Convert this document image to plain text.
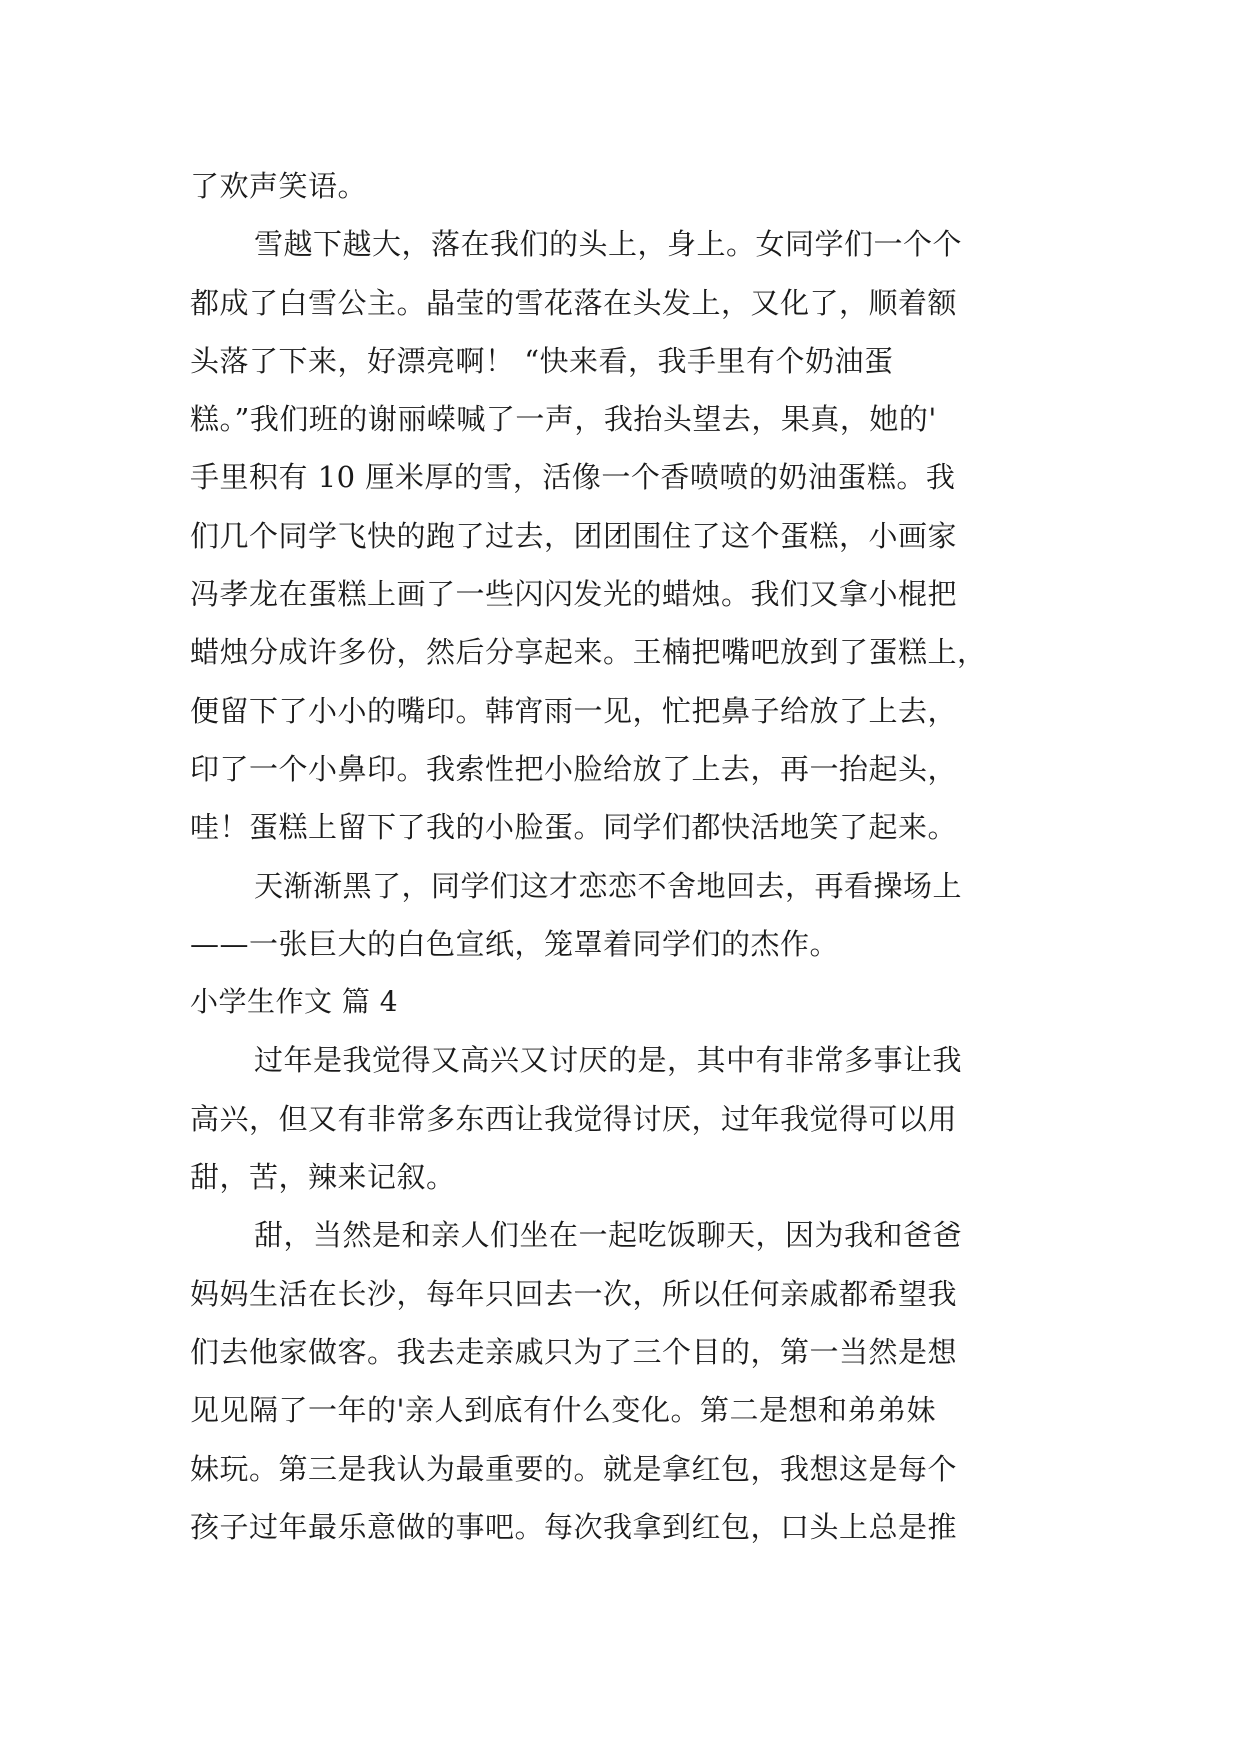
了欢声笑语。
雪越下越大，落在我们的头上，身上。女同学们一个个
都成了白雪公主。晶莹的雪花落在头发上，又化了，顺着额
头落了下来，好漂亮啊！ “快来看，我手里有个奶油蛋
糕。”我们班的谢丽嵘喊了一声，我抬头望去，果真，她的'
手里积有 10 厘米厚的雪，活像一个香喷喷的奶油蛋糕。我
们几个同学飞快的跑了过去，团团围住了这个蛋糕，小画家
冯孝龙在蛋糕上画了一些闪闪发光的蜡烛。我们又拿小棍把
蜡烛分成许多份，然后分享起来。王楠把嘴吧放到了蛋糕上，
便留下了小小的嘴印。韩宵雨一见，忙把鼻子给放了上去，
印了一个小鼻印。我索性把小脸给放了上去，再一抬起头，
哇！蛋糕上留下了我的小脸蛋。同学们都快活地笑了起来。
天渐渐黑了，同学们这才恋恋不舍地回去，再看操场上
——一张巨大的白色宣纸，笼罩着同学们的杰作。
小学生作文 篇 4
过年是我觉得又高兴又讨厌的是，其中有非常多事让我
高兴，但又有非常多东西让我觉得讨厌，过年我觉得可以用
甜，苦，辣来记叙。
甜，当然是和亲人们坐在一起吃饭聊天，因为我和爸爸
妈妈生活在长沙，每年只回去一次，所以任何亲戚都希望我
们去他家做客。我去走亲戚只为了三个目的，第一当然是想
见见隔了一年的'亲人到底有什么变化。第二是想和弟弟妹
妹玩。第三是我认为最重要的。就是拿红包，我想这是每个
孩子过年最乐意做的事吧。每次我拿到红包，口头上总是推
